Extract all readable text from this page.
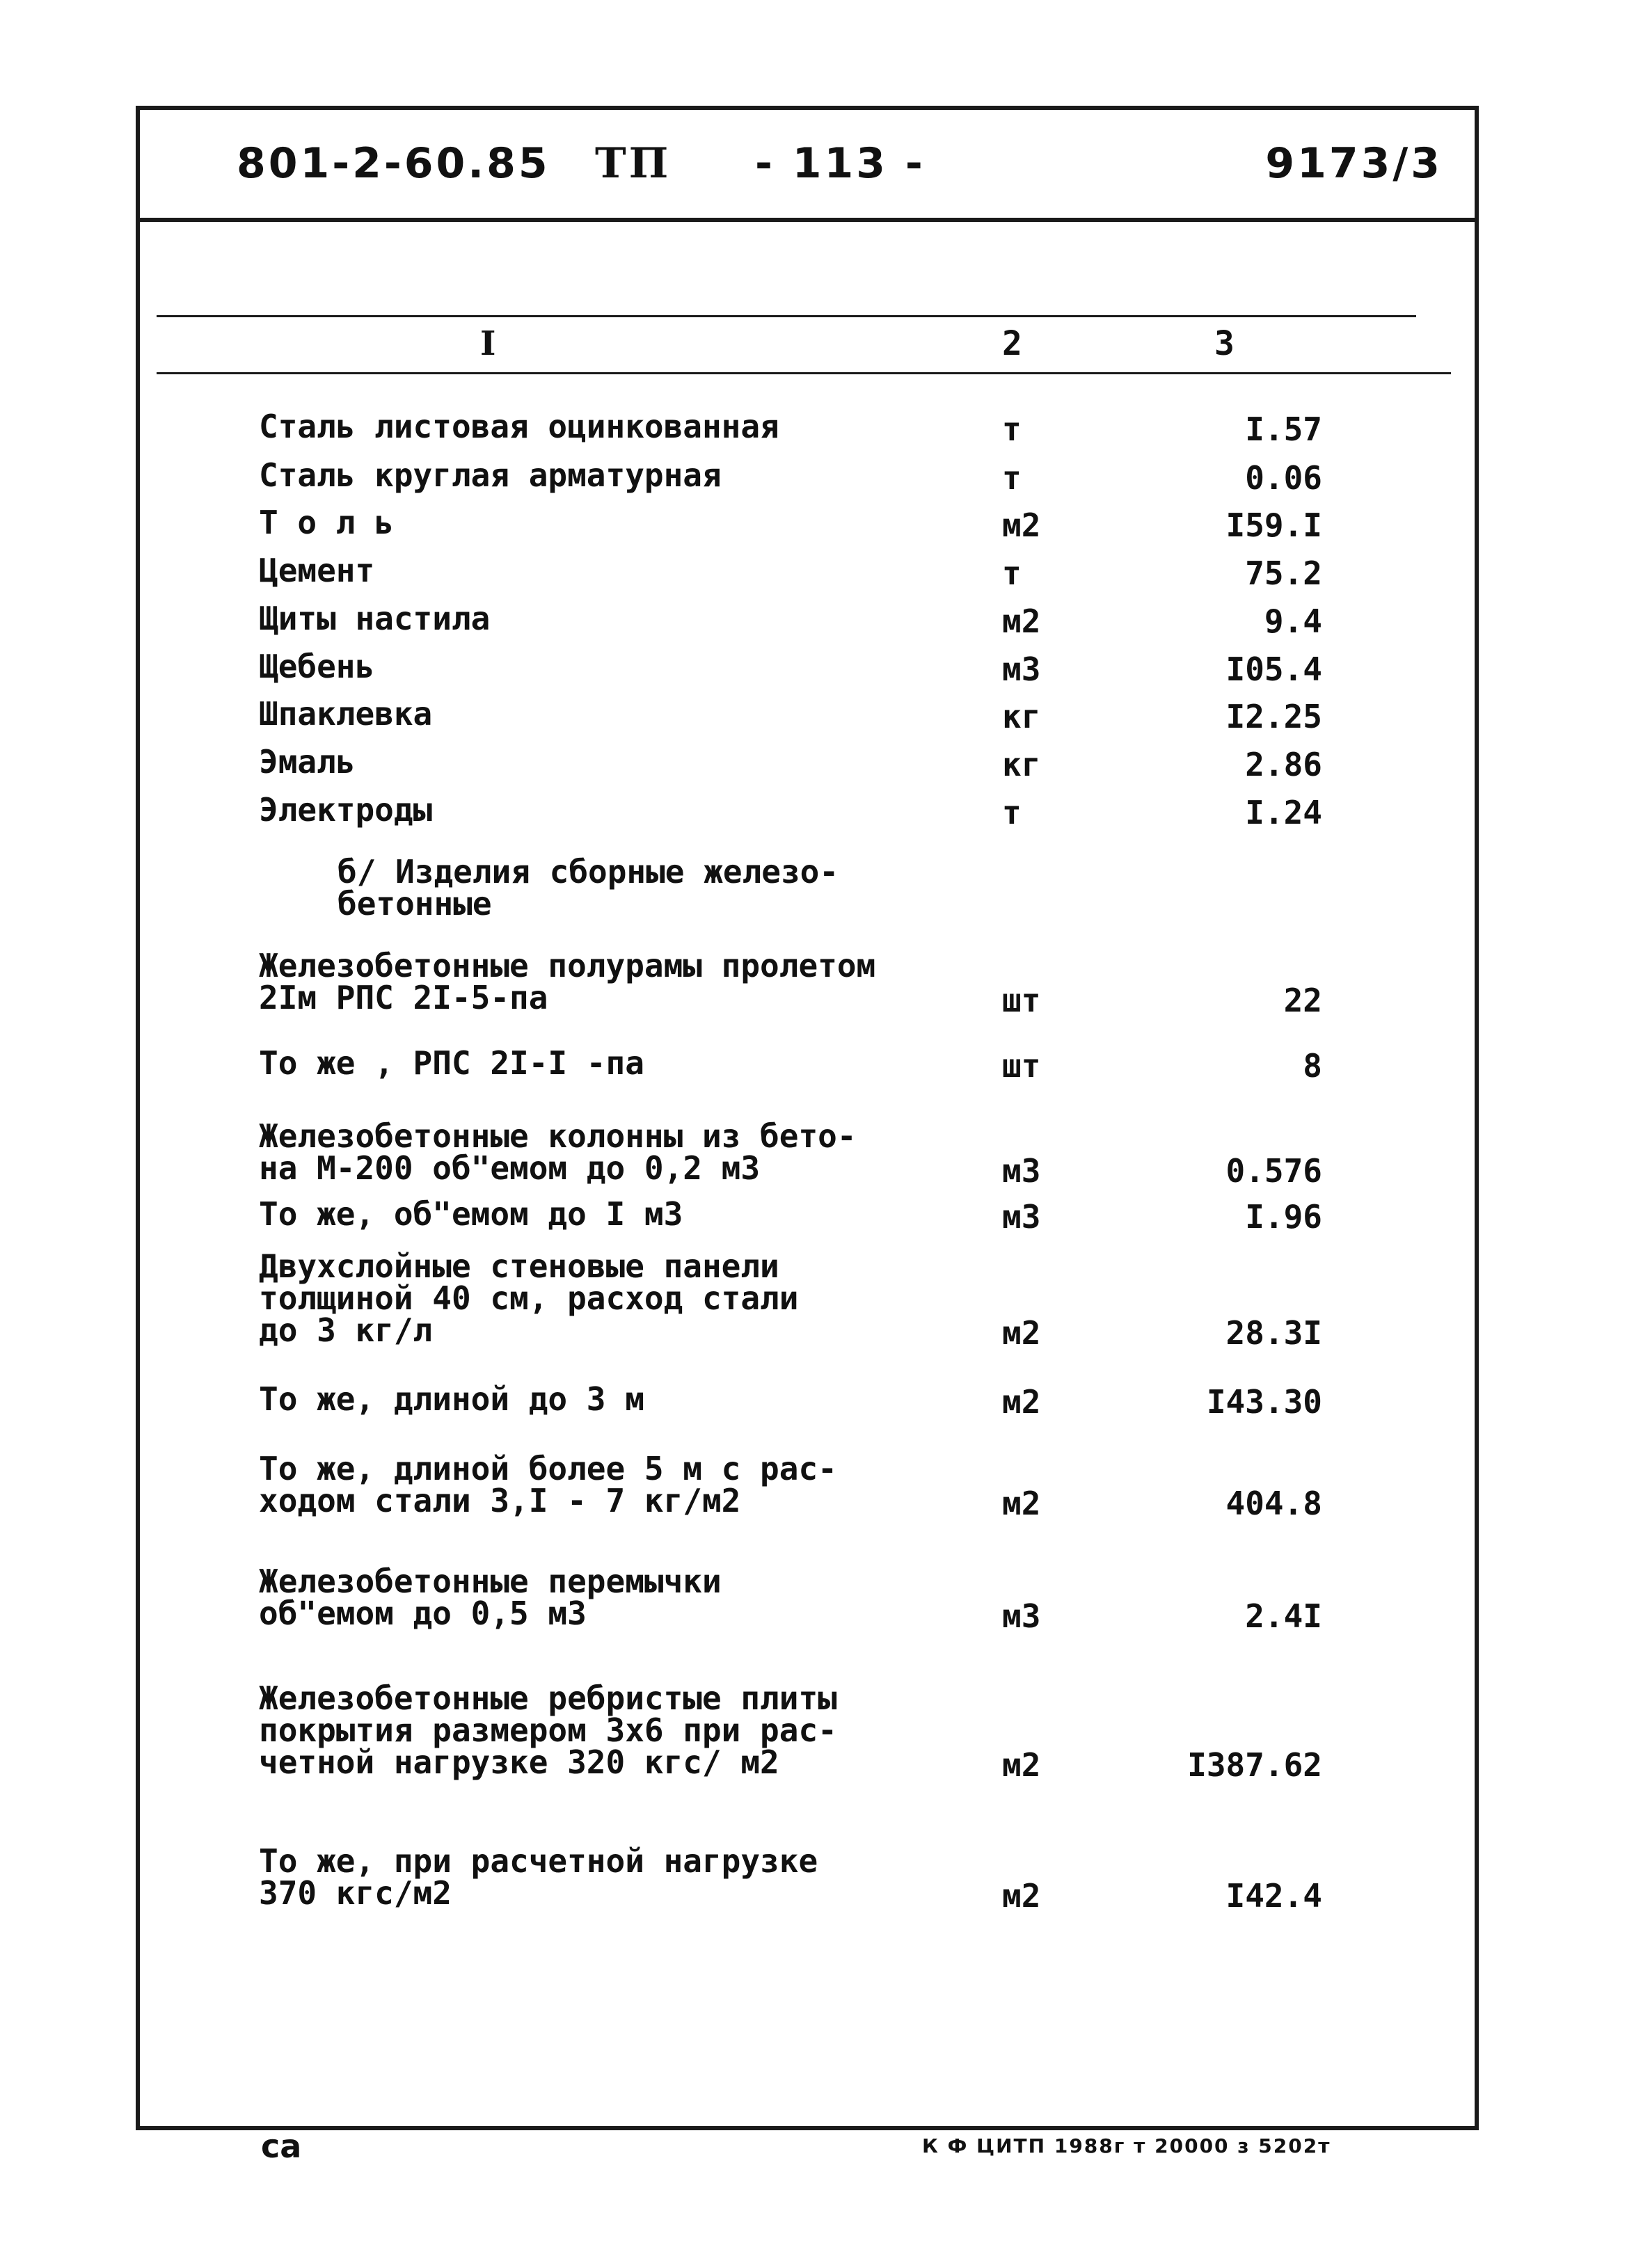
801-2-60.85 ТП - 113 -	9173/3
I	2	3
Сталь листовая оцинкованная	т	I.57
Сталь круглая арматурная	т	0.06
Т о л ь	м2	I59.I
Цемент	т	75.2
Щиты настила	м2	9.4
Щебень	м3	I05.4
Шпаклевка	кг	I2.25
Эмаль	кг	2.86
Электроды	т	I.24
б/ Изделия сборные железо-
бетонные
Железобетонные полурамы пролетом
2Iм РПС 2I-5-па	шт	22
То же , РПС 2I-I -па	шт	8
Железобетонные колонны из бето-
на М-200 об"емом до 0,2 м3	м3	0.576
То же, об"емом до I м3	м3	I.96
Двухслойные стеновые панели
толщиной 40 см, расход стали
до 3 кг/л	м2	28.3I
То же, длиной до 3 м	м2	I43.30
То же, длиной более 5 м с рас-
ходом стали 3,I - 7 кг/м2	м2	404.8
Железобетонные перемычки
об"емом до 0,5 м3	м3	2.4I
Железобетонные ребристые плиты
покрытия размером 3х6 при рас-
четной нагрузке 320 кгс/ м2	м2	I387.62
То же, при расчетной нагрузке
370 кгс/м2	м2	I42.4
са	К Ф ЦИТП 1988г т 20000 з 5202т
